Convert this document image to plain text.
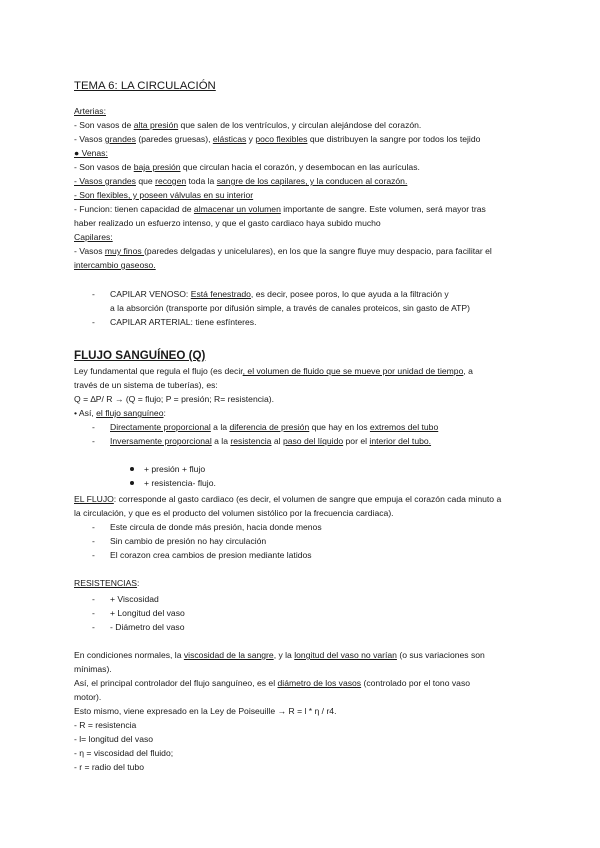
TEMA 6: LA CIRCULACIÓN
Arterias:
- Son vasos de alta presión que salen de los ventrículos, y circulan alejándose del corazón.
- Vasos grandes (paredes gruesas), elásticas y poco flexibles que distribuyen la sangre por todos los tejido
● Venas:
- Son vasos de baja presión que circulan hacia el corazón, y desembocan en las aurículas.
- Vasos grandes que recogen toda la sangre de los capilares, y la conducen al corazón.
- Son flexibles, y poseen válvulas en su interior
- Funcion: tienen capacidad de almacenar un volumen importante de sangre. Este volumen, será mayor tras
haber realizado un esfuerzo intenso, y que el gasto cardiaco haya subido mucho
Capilares:
- Vasos muy finos (paredes delgadas y unicelulares), en los que la sangre fluye muy despacio, para facilitar el
intercambio gaseoso.
- CAPILAR VENOSO: Está fenestrado, es decir, posee poros, lo que ayuda a la filtración y
a la absorción (transporte por difusión simple, a través de canales proteicos, sin gasto de ATP)
- CAPILAR ARTERIAL: tiene esfínteres.
FLUJO SANGUÍNEO (Q)
Ley fundamental que regula el flujo (es decir, el volumen de fluido que se mueve por unidad de tiempo, a
través de un sistema de tuberías), es:
Q = ∆P/ R → (Q = flujo; P = presión; R= resistencia).
• Así, el flujo sanguíneo:
- Directamente proporcional a la diferencia de presión que hay en los extremos del tubo
- Inversamente proporcional a la resistencia al paso del líquido por el interior del tubo.
+ presión + flujo
+ resistencia- flujo.
EL FLUJO: corresponde al gasto cardiaco (es decir, el volumen de sangre que empuja el corazón cada minuto a
la circulación, y que es el producto del volumen sistólico por la frecuencia cardiaca).
- Este circula de donde más presión, hacia donde menos
- Sin cambio de presión no hay circulación
- El corazon crea cambios de presion mediante latidos
RESISTENCIAS:
- + Viscosidad
- + Longitud del vaso
- - Diámetro del vaso
En condiciones normales, la viscosidad de la sangre, y la longitud del vaso no varían (o sus variaciones son
mínimas).
Así, el principal controlador del flujo sanguíneo, es el diámetro de los vasos (controlado por el tono vaso
motor).
Esto mismo, viene expresado en la Ley de Poiseuille → R = l * η / r4.
- R = resistencia
- l= longitud del vaso
- η = viscosidad del fluido;
- r = radio del tubo
